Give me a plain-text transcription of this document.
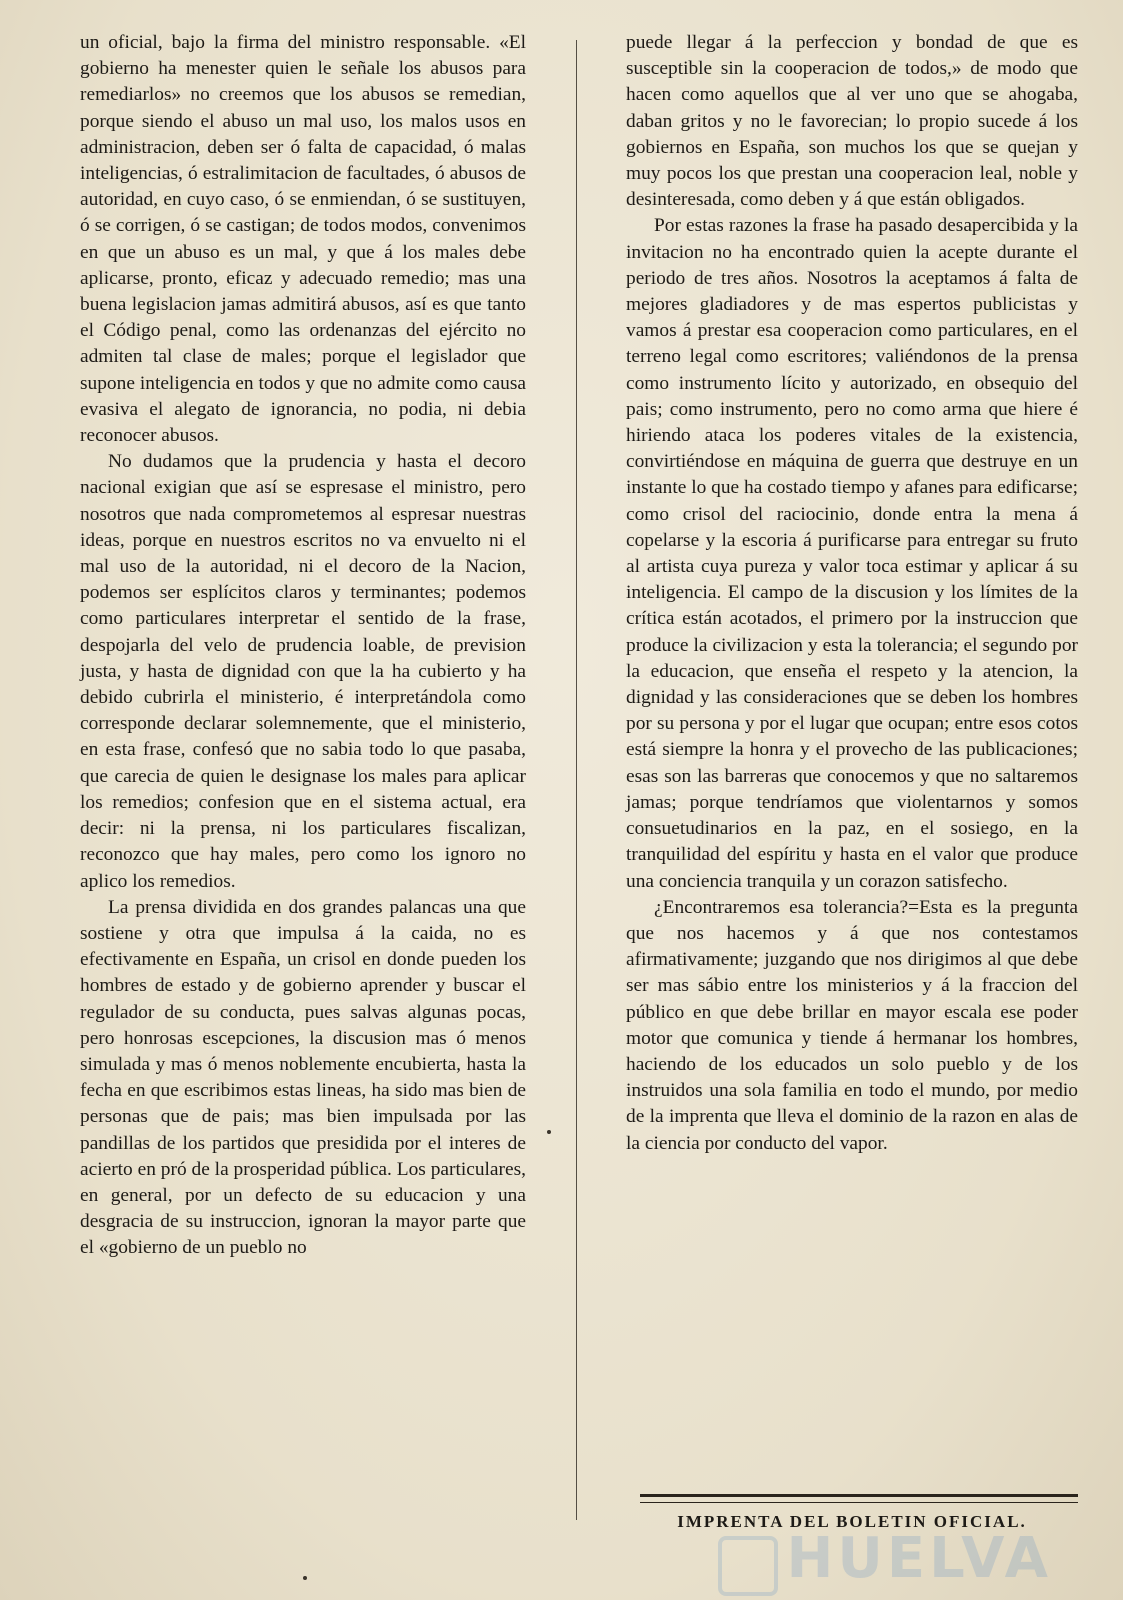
un oficial, bajo la firma del ministro responsable. «El gobierno ha menester quien le señale los abusos para remediarlos» no creemos que los abusos se remedian, porque siendo el abuso un mal uso, los malos usos en administracion, deben ser ó falta de capacidad, ó malas inteligencias, ó estralimitacion de facultades, ó abusos de autoridad, en cuyo caso, ó se enmiendan, ó se sustituyen, ó se corrigen, ó se castigan; de todos modos, convenimos en que un abuso es un mal, y que á los males debe aplicarse, pronto, eficaz y adecuado remedio; mas una buena legislacion jamas admitirá abusos, así es que tanto el Código penal, como las ordenanzas del ejército no admiten tal clase de males; porque el legislador que supone inteligencia en todos y que no admite como causa evasiva el alegato de ignorancia, no podia, ni debia reconocer abusos.

No dudamos que la prudencia y hasta el decoro nacional exigian que así se espresase el ministro, pero nosotros que nada comprometemos al espresar nuestras ideas, porque en nuestros escritos no va envuelto ni el mal uso de la autoridad, ni el decoro de la Nacion, podemos ser esplícitos claros y terminantes; podemos como particulares interpretar el sentido de la frase, despojarla del velo de prudencia loable, de prevision justa, y hasta de dignidad con que la ha cubierto y ha debido cubrirla el ministerio, é interpretándola como corresponde declarar solemnemente, que el ministerio, en esta frase, confesó que no sabia todo lo que pasaba, que carecia de quien le designase los males para aplicar los remedios; confesion que en el sistema actual, era decir: ni la prensa, ni los particulares fiscalizan, reconozco que hay males, pero como los ignoro no aplico los remedios.

La prensa dividida en dos grandes palancas una que sostiene y otra que impulsa á la caida, no es efectivamente en España, un crisol en donde pueden los hombres de estado y de gobierno aprender y buscar el regulador de su conducta, pues salvas algunas pocas, pero honrosas escepciones, la discusion mas ó menos simulada y mas ó menos noblemente encubierta, hasta la fecha en que escribimos estas lineas, ha sido mas bien de personas que de pais; mas bien impulsada por las pandillas de los partidos que presidida por el interes de acierto en pró de la prosperidad pública. Los particulares, en general, por un defecto de su educacion y una desgracia de su instruccion, ignoran la mayor parte que el «gobierno de un pueblo no

puede llegar á la perfeccion y bondad de que es susceptible sin la cooperacion de todos,» de modo que hacen como aquellos que al ver uno que se ahogaba, daban gritos y no le favorecian; lo propio sucede á los gobiernos en España, son muchos los que se quejan y muy pocos los que prestan una cooperacion leal, noble y desinteresada, como deben y á que están obligados.

Por estas razones la frase ha pasado desapercibida y la invitacion no ha encontrado quien la acepte durante el periodo de tres años. Nosotros la aceptamos á falta de mejores gladiadores y de mas espertos publicistas y vamos á prestar esa cooperacion como particulares, en el terreno legal como escritores; valiéndonos de la prensa como instrumento lícito y autorizado, en obsequio del pais; como instrumento, pero no como arma que hiere é hiriendo ataca los poderes vitales de la existencia, convirtiéndose en máquina de guerra que destruye en un instante lo que ha costado tiempo y afanes para edificarse; como crisol del raciocinio, donde entra la mena á copelarse y la escoria á purificarse para entregar su fruto al artista cuya pureza y valor toca estimar y aplicar á su inteligencia. El campo de la discusion y los límites de la crítica están acotados, el primero por la instruccion que produce la civilizacion y esta la tolerancia; el segundo por la educacion, que enseña el respeto y la atencion, la dignidad y las consideraciones que se deben los hombres por su persona y por el lugar que ocupan; entre esos cotos está siempre la honra y el provecho de las publicaciones; esas son las barreras que conocemos y que no saltaremos jamas; porque tendríamos que violentarnos y somos consuetudinarios en la paz, en el sosiego, en la tranquilidad del espíritu y hasta en el valor que produce una conciencia tranquila y un corazon satisfecho.

¿Encontraremos esa tolerancia?=Esta es la pregunta que nos hacemos y á que nos contestamos afirmativamente; juzgando que nos dirigimos al que debe ser mas sábio entre los ministerios y á la fraccion del público en que debe brillar en mayor escala ese poder motor que comunica y tiende á hermanar los hombres, haciendo de los educados un solo pueblo y de los instruidos una sola familia en todo el mundo, por medio de la imprenta que lleva el dominio de la razon en alas de la ciencia por conducto del vapor.

IMPRENTA DEL BOLETIN OFICIAL.
HUELVA
